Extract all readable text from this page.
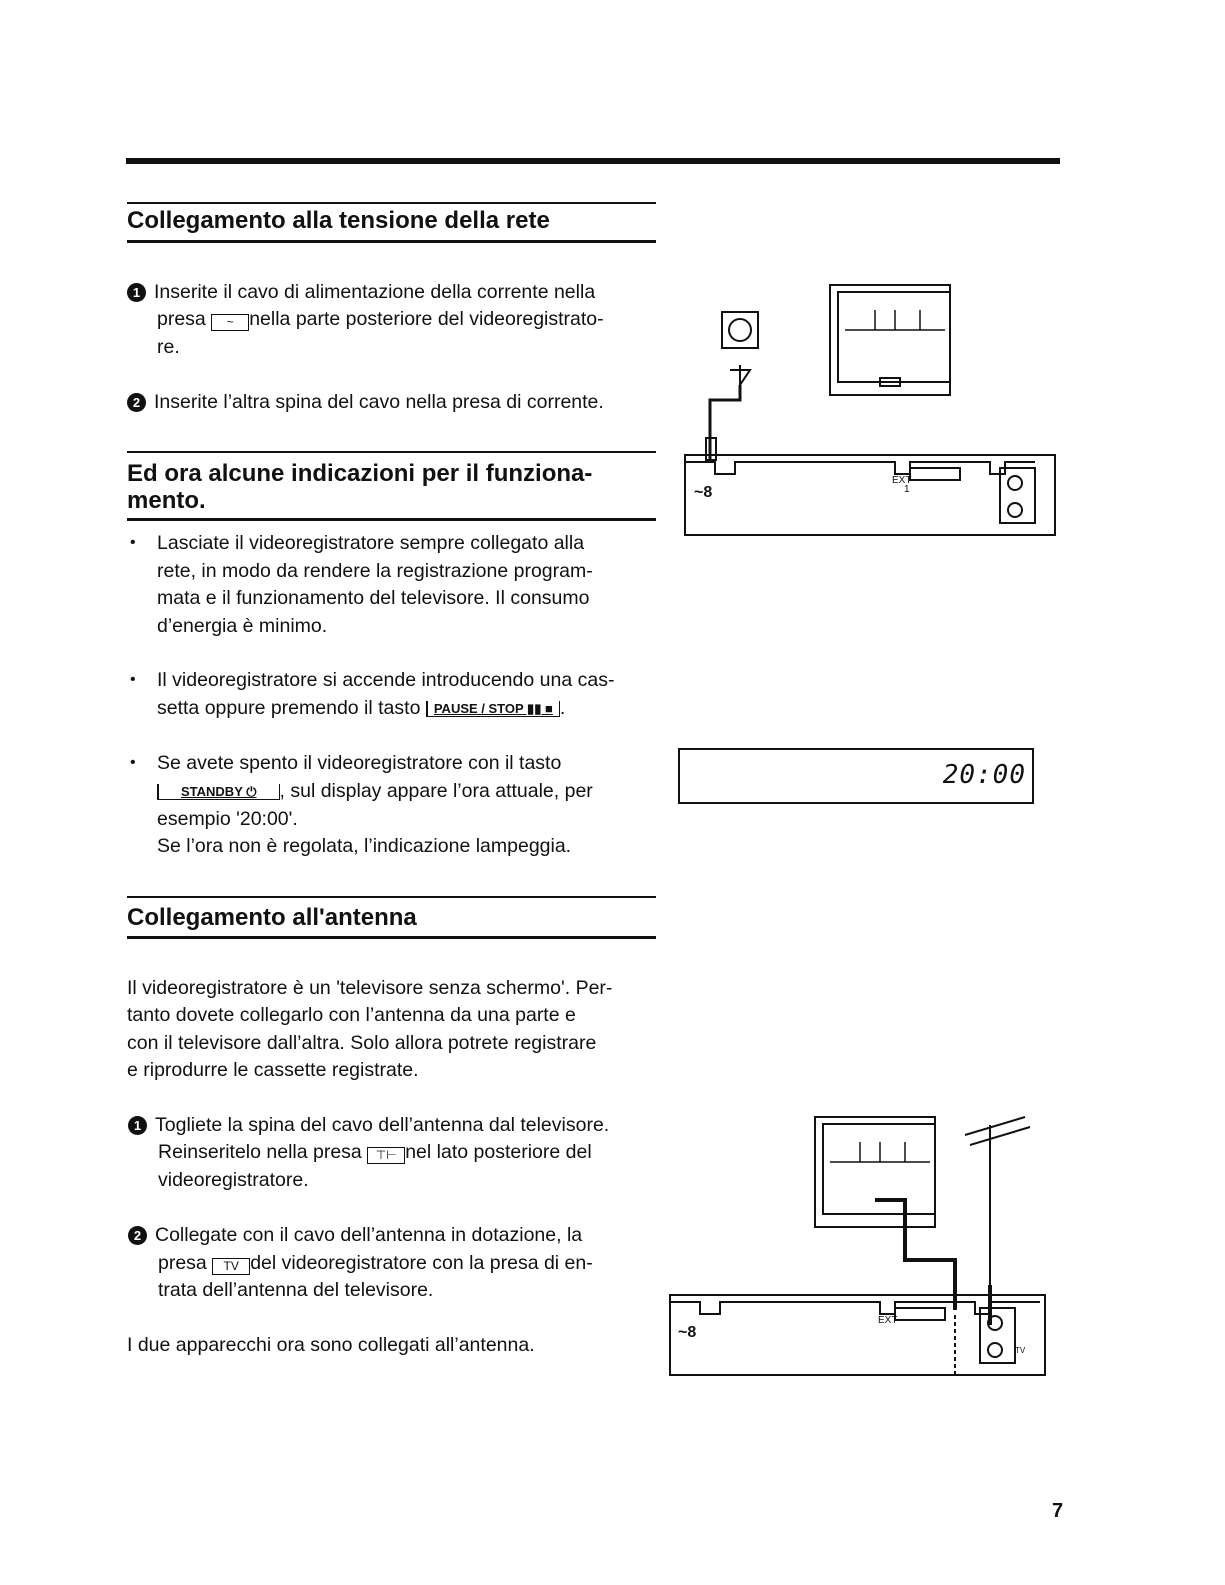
Collegamento alla tensione della rete
1 Inserite il cavo di alimentazione della corrente nella
presa ~ nella parte posteriore del videoregistrato-
re.
2 Inserite l’altra spina del cavo nella presa di corrente.
Ed ora alcune indicazioni per il funziona-
mento.
• Lasciate il videoregistratore sempre collegato alla
rete, in modo da rendere la registrazione program-
mata e il funzionamento del televisore. Il consumo
d’energia è minimo.
• Il videoregistratore si accende introducendo una cas-
setta oppure premendo il tasto PAUSE / STOP ▮▮ ■ .
• Se avete spento il videoregistratore con il tasto
STANDBY ⏻ , sul display appare l’ora attuale, per
esempio '20:00'.
Se l’ora non è regolata, l’indicazione lampeggia.
20:00
Collegamento all'antenna
Il videoregistratore è un 'televisore senza schermo'. Per-
tanto dovete collegarlo con l’antenna da una parte e
con il televisore dall’altra. Solo allora potrete registrare
e riprodurre le cassette registrate.
1 Togliete la spina del cavo dell’antenna dal televisore.
Reinseritelo nella presa ⊤⊢ nel lato posteriore del
videoregistratore.
2 Collegate con il cavo dell’antenna in dotazione, la
presa TV del videoregistratore con la presa di en-
trata dell’antenna del televisore.
I due apparecchi ora sono collegati all’antenna.
EXT
1
~8
EXT
TV
~8
7
